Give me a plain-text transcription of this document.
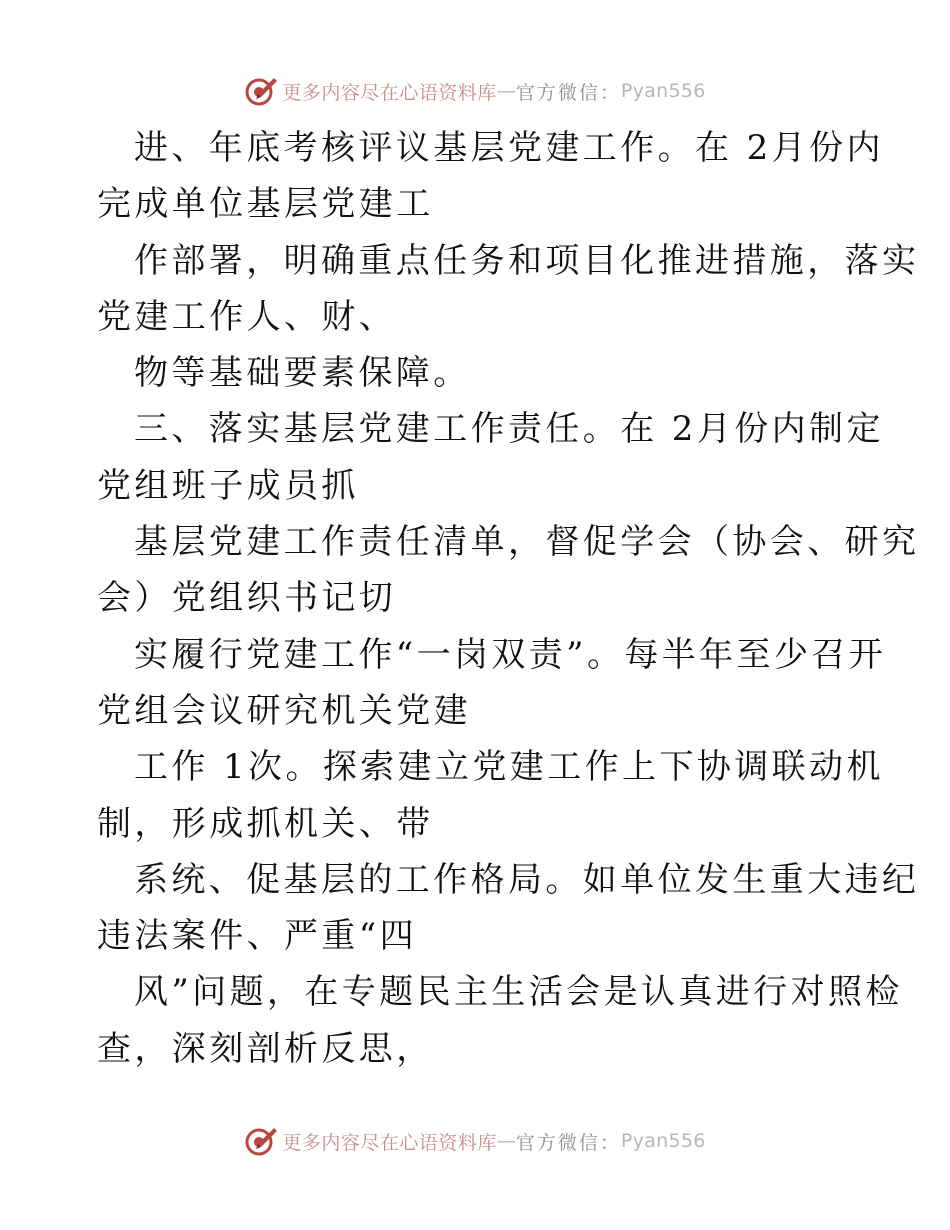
更多内容尽在心语资料库 — 官方微信： Pyan556
进、年底考核评议基层党建工作。在 2月份内
完成单位基层党建工
作部署，明确重点任务和项目化推进措施，落实
党建工作人、财、
物等基础要素保障。
三、落实基层党建工作责任。在 2月份内制定
党组班子成员抓
基层党建工作责任清单，督促学会（协会、研究
会）党组织书记切
实履行党建工作“一岗双责”。每半年至少召开
党组会议研究机关党建
工作 1次。探索建立党建工作上下协调联动机
制，形成抓机关、带
系统、促基层的工作格局。如单位发生重大违纪
违法案件、严重“四
风”问题，在专题民主生活会是认真进行对照检
查，深刻剖析反思，
更多内容尽在心语资料库 — 官方微信： Pyan556
